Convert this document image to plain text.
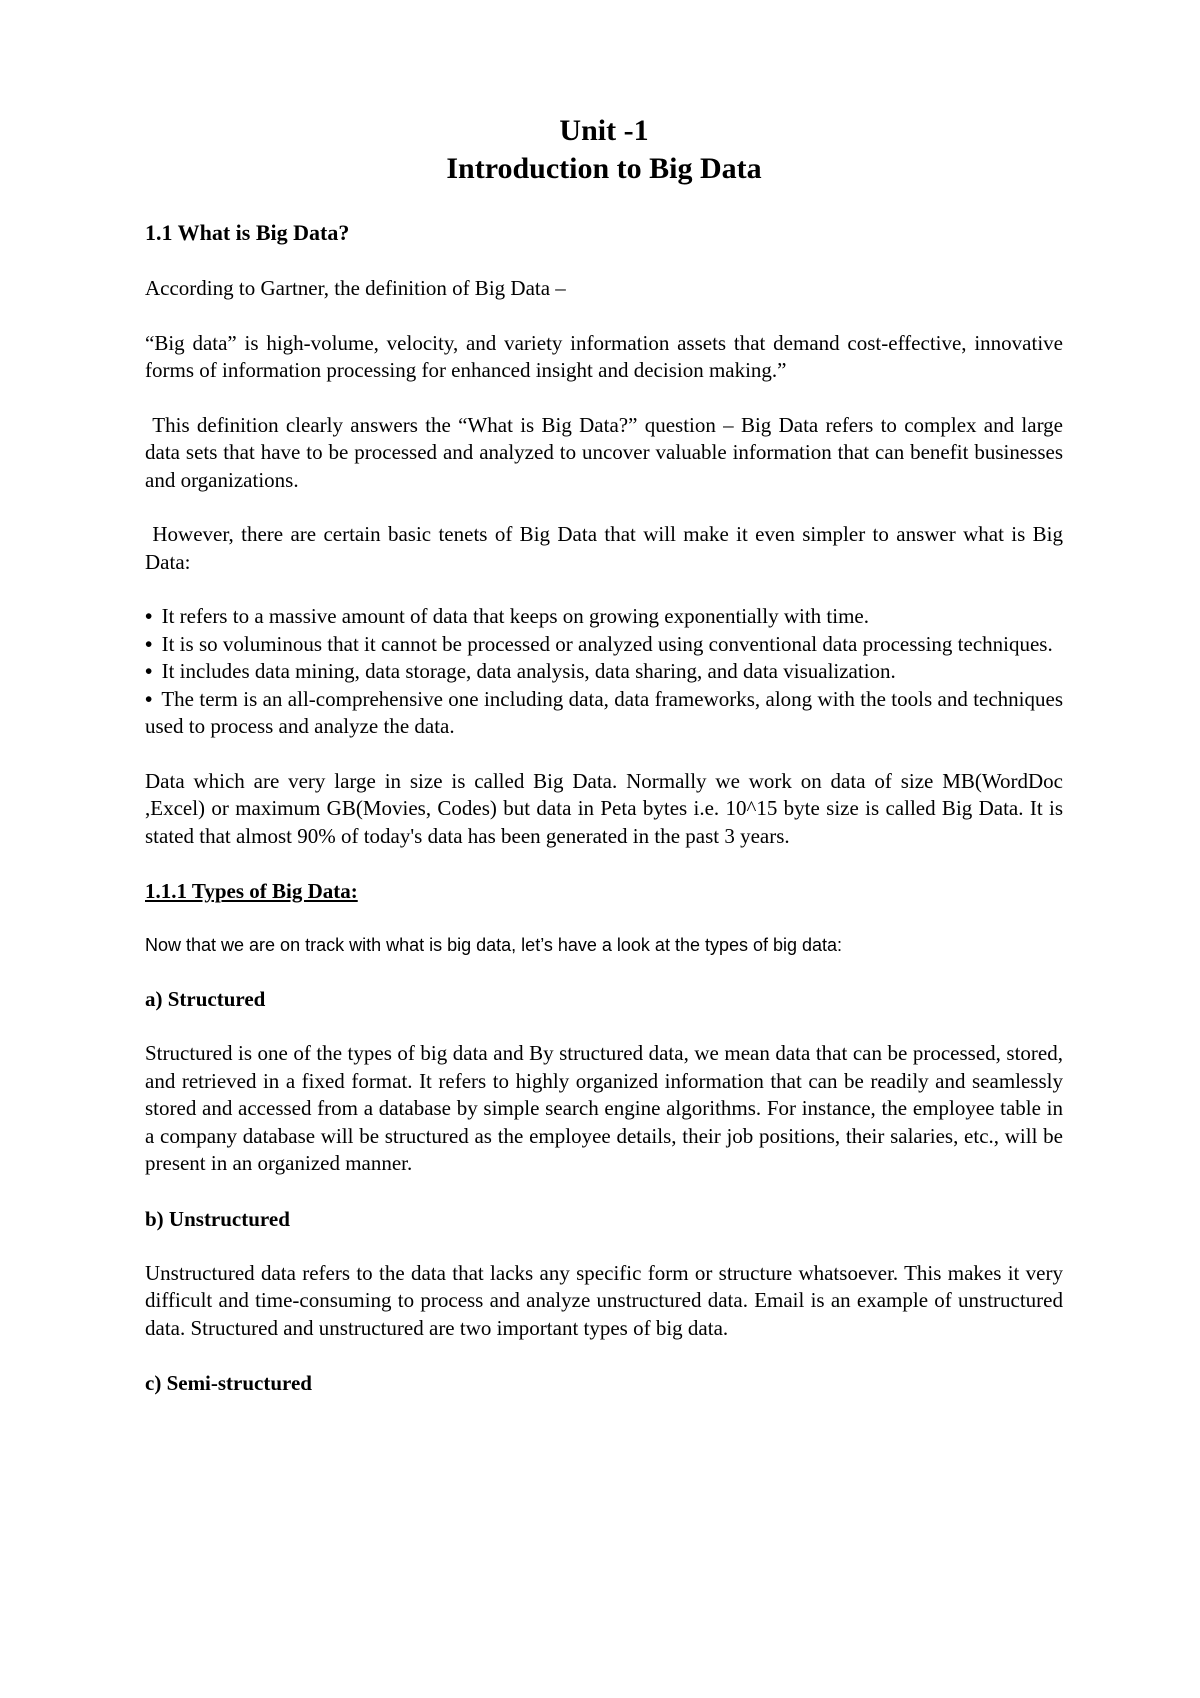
Unit -1
Introduction to Big Data
1.1 What is Big Data?

According to Gartner, the definition of Big Data –

“Big data” is high-volume, velocity, and variety information assets that demand cost-effective, innovative forms of information processing for enhanced insight and decision making.”

This definition clearly answers the “What is Big Data?” question – Big Data refers to complex and large data sets that have to be processed and analyzed to uncover valuable information that can benefit businesses and organizations.

However, there are certain basic tenets of Big Data that will make it even simpler to answer what is Big Data:

• It refers to a massive amount of data that keeps on growing exponentially with time.
• It is so voluminous that it cannot be processed or analyzed using conventional data processing techniques.
• It includes data mining, data storage, data analysis, data sharing, and data visualization.
• The term is an all-comprehensive one including data, data frameworks, along with the tools and techniques used to process and analyze the data.

Data which are very large in size is called Big Data. Normally we work on data of size MB(WordDoc ,Excel) or maximum GB(Movies, Codes) but data in Peta bytes i.e. 10^15 byte size is called Big Data. It is stated that almost 90% of today's data has been generated in the past 3 years.

1.1.1 Types of Big Data:

Now that we are on track with what is big data, let’s have a look at the types of big data:

a) Structured

Structured is one of the types of big data and By structured data, we mean data that can be processed, stored, and retrieved in a fixed format. It refers to highly organized information that can be readily and seamlessly stored and accessed from a database by simple search engine algorithms. For instance, the employee table in a company database will be structured as the employee details, their job positions, their salaries, etc., will be present in an organized manner.

b) Unstructured

Unstructured data refers to the data that lacks any specific form or structure whatsoever. This makes it very difficult and time-consuming to process and analyze unstructured data. Email is an example of unstructured data. Structured and unstructured are two important types of big data.

c) Semi-structured
